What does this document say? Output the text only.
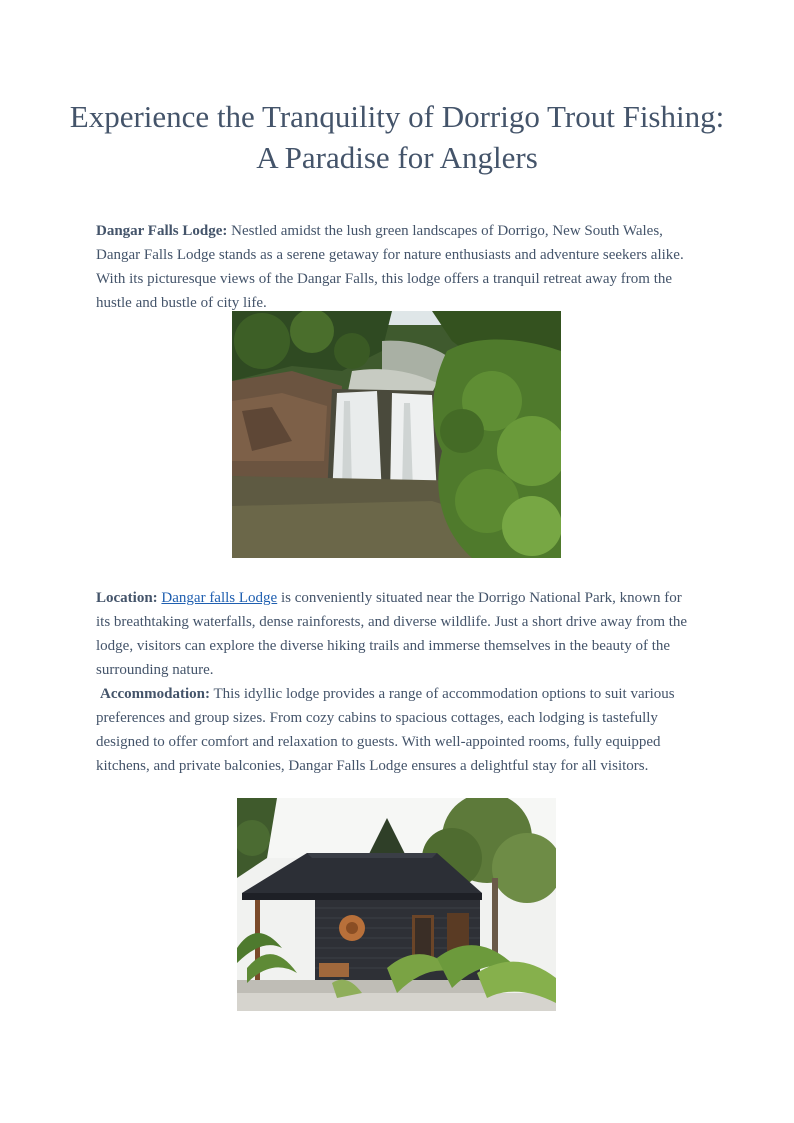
Experience the Tranquility of Dorrigo Trout Fishing: A Paradise for Anglers

Dangar Falls Lodge: Nestled amidst the lush green landscapes of Dorrigo, New South Wales, Dangar Falls Lodge stands as a serene getaway for nature enthusiasts and adventure seekers alike. With its picturesque views of the Dangar Falls, this lodge offers a tranquil retreat away from the hustle and bustle of city life.

Location: Dangar falls Lodge is conveniently situated near the Dorrigo National Park, known for its breathtaking waterfalls, dense rainforests, and diverse wildlife. Just a short drive away from the lodge, visitors can explore the diverse hiking trails and immerse themselves in the beauty of the surrounding nature.

Accommodation: This idyllic lodge provides a range of accommodation options to suit various preferences and group sizes. From cozy cabins to spacious cottages, each lodging is tastefully designed to offer comfort and relaxation to guests. With well-appointed rooms, fully equipped kitchens, and private balconies, Dangar Falls Lodge ensures a delightful stay for all visitors.
